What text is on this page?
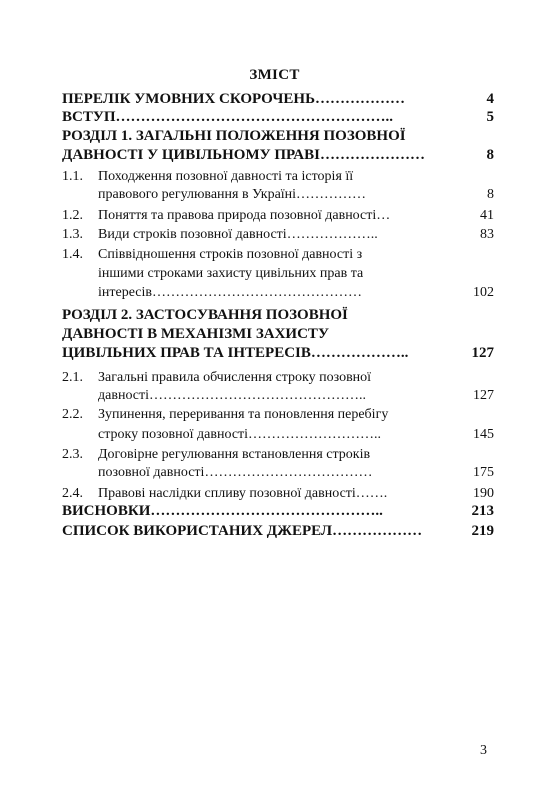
ЗМІСТ
ПЕРЕЛІК УМОВНИХ СКОРОЧЕНЬ………………	4
ВСТУП………………………………………………..	5
РОЗДІЛ 1. ЗАГАЛЬНІ ПОЛОЖЕННЯ ПОЗОВНОЇ
ДАВНОСТІ У ЦИВІЛЬНОМУ ПРАВІ…………………	8
1.1. Походження позовної давності та історія її
правового регулювання в Україні……………	8
1.2. Поняття та правова природа позовної давності…	41
1.3. Види строків позовної давності………………..	83
1.4. Співвідношення строків позовної давності з
іншими строками захисту цивільних прав та
інтересів………………………………………	102
РОЗДІЛ 2. ЗАСТОСУВАННЯ ПОЗОВНОЇ
ДАВНОСТІ В МЕХАНІЗМІ ЗАХИСТУ
ЦИВІЛЬНИХ ПРАВ ТА ІНТЕРЕСІВ………………..	127
2.1. Загальні правила обчислення строку позовної
давності………………………………………..	127
2.2. Зупинення, переривання та поновлення перебігу
строку позовної давності………………………..	145
2.3. Договірне регулювання встановлення строків
позовної давності………………………………	175
2.4. Правові наслідки спливу позовної давності…….	190
ВИСНОВКИ………………………………………..	213
СПИСОК ВИКОРИСТАНИХ ДЖЕРЕЛ………………	219
3
